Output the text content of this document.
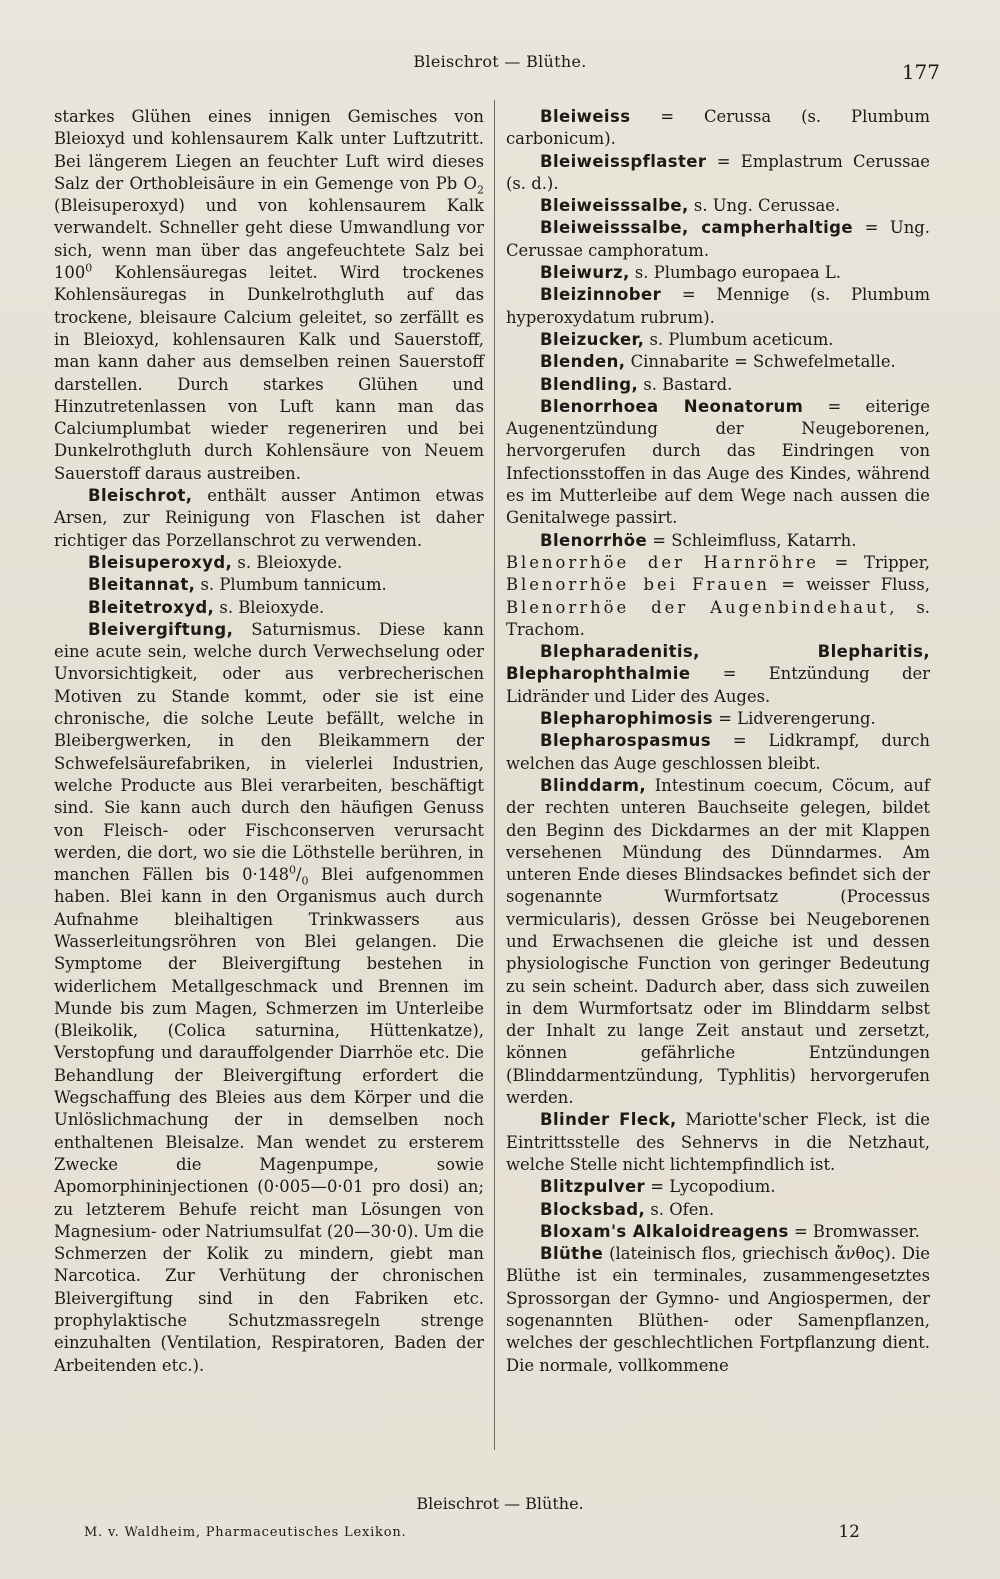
Bleischrot — Blüthe.	177

starkes Glühen eines innigen Gemisches von Bleioxyd und kohlensaurem Kalk unter Luftzutritt. Bei längerem Liegen an feuchter Luft wird dieses Salz der Orthobleisäure in ein Gemenge von Pb $O_2$ (Bleisuperoxyd) und von kohlensaurem Kalk verwandelt. Schneller geht diese Umwandlung vor sich, wenn man über das angefeuchtete Salz bei $100^0$ Kohlensäuregas leitet. Wird trockenes Kohlensäuregas in Dunkelrothgluth auf das trockene, bleisaure Calcium geleitet, so zerfällt es in Bleioxyd, kohlensauren Kalk und Sauerstoff, man kann daher aus demselben reinen Sauerstoff darstellen. Durch starkes Glühen und Hinzutretenlassen von Luft kann man das Calciumplumbat wieder regeneriren und bei Dunkelrothgluth durch Kohlensäure von Neuem Sauerstoff daraus austreiben.

Bleischrot, enthält ausser Antimon etwas Arsen, zur Reinigung von Flaschen ist daher richtiger das Porzellanschrot zu verwenden.

Bleisuperoxyd, s. Bleioxyde.

Bleitannat, s. Plumbum tannicum.

Bleitetroxyd, s. Bleioxyde.

Bleivergiftung, Saturnismus. Diese kann eine acute sein, welche durch Verwechselung oder Unvorsichtigkeit, oder aus verbrecherischen Motiven zu Stande kommt, oder sie ist eine chronische, die solche Leute befällt, welche in Bleibergwerken, in den Bleikammern der Schwefelsäurefabriken, in vielerlei Industrien, welche Producte aus Blei verarbeiten, beschäftigt sind. Sie kann auch durch den häufigen Genuss von Fleisch- oder Fischconserven verursacht werden, die dort, wo sie die Löthstelle berühren, in manchen Fällen bis $0\cdot 148^0/_0$ Blei aufgenommen haben. Blei kann in den Organismus auch durch Aufnahme bleihaltigen Trinkwassers aus Wasserleitungsröhren von Blei gelangen. Die Symptome der Bleivergiftung bestehen in widerlichem Metallgeschmack und Brennen im Munde bis zum Magen, Schmerzen im Unterleibe (Bleikolik, (Colica saturnina, Hüttenkatze), Verstopfung und darauffolgender Diarrhöe etc. Die Behandlung der Bleivergiftung erfordert die Wegschaffung des Bleies aus dem Körper und die Unlöslichmachung der in demselben noch enthaltenen Bleisalze. Man wendet zu ersterem Zwecke die Magenpumpe, sowie Apomorphininjectionen (0·005—0·01 pro dosi) an; zu letzterem Behufe reicht man Lösungen von Magnesium- oder Natriumsulfat (20—30·0). Um die Schmerzen der Kolik zu mindern, giebt man Narcotica. Zur Verhütung der chronischen Bleivergiftung sind in den Fabriken etc. prophylaktische Schutzmassregeln strenge einzuhalten (Ventilation, Respiratoren, Baden der Arbeitenden etc.).

Bleiweiss = Cerussa (s. Plumbum carbonicum).

Bleiweisspflaster = Emplastrum Cerussae (s. d.).

Bleiweisssalbe, s. Ung. Cerussae.

Bleiweisssalbe, campherhaltige = Ung. Cerussae camphoratum.

Bleiwurz, s. Plumbago europaea L.

Bleizinnober = Mennige (s. Plumbum hyperoxydatum rubrum).

Bleizucker, s. Plumbum aceticum.

Blenden, Cinnabarite = Schwefelmetalle.

Blendling, s. Bastard.

Blenorrhoea Neonatorum = eiterige Augenentzündung der Neugeborenen, hervorgerufen durch das Eindringen von Infectionsstoffen in das Auge des Kindes, während es im Mutterleibe auf dem Wege nach aussen die Genitalwege passirt.

Blenorrhöe = Schleimfluss, Katarrh.

Blenorrhöe der Harnröhre = Tripper, Blenorrhöe bei Frauen = weisser Fluss, Blenorrhöe der Augenbindehaut, s. Trachom.

Blepharadenitis, Blepharitis, Blepharophthalmie = Entzündung der Lidränder und Lider des Auges.

Blepharophimosis = Lidverengerung.

Blepharospasmus = Lidkrampf, durch welchen das Auge geschlossen bleibt.

Blinddarm, Intestinum coecum, Cöcum, auf der rechten unteren Bauchseite gelegen, bildet den Beginn des Dickdarmes an der mit Klappen versehenen Mündung des Dünndarmes. Am unteren Ende dieses Blindsackes befindet sich der sogenannte Wurmfortsatz (Processus vermicularis), dessen Grösse bei Neugeborenen und Erwachsenen die gleiche ist und dessen physiologische Function von geringer Bedeutung zu sein scheint. Dadurch aber, dass sich zuweilen in dem Wurmfortsatz oder im Blinddarm selbst der Inhalt zu lange Zeit anstaut und zersetzt, können gefährliche Entzündungen (Blinddarmentzündung, Typhlitis) hervorgerufen werden.

Blinder Fleck, Mariotte'scher Fleck, ist die Eintrittsstelle des Sehnervs in die Netzhaut, welche Stelle nicht lichtempfindlich ist.

Blitzpulver = Lycopodium.

Blocksbad, s. Ofen.

Bloxam's Alkaloidreagens = Bromwasser.

Blüthe (lateinisch flos, griechisch ἄνθος). Die Blüthe ist ein terminales, zusammengesetztes Sprossorgan der Gymno- und Angiospermen, der sogenannten Blüthen- oder Samenpflanzen, welches der geschlechtlichen Fortpflanzung dient. Die normale, vollkommene

Bleischrot — Blüthe.
M. v. Waldheim, Pharmaceutisches Lexikon.	12
